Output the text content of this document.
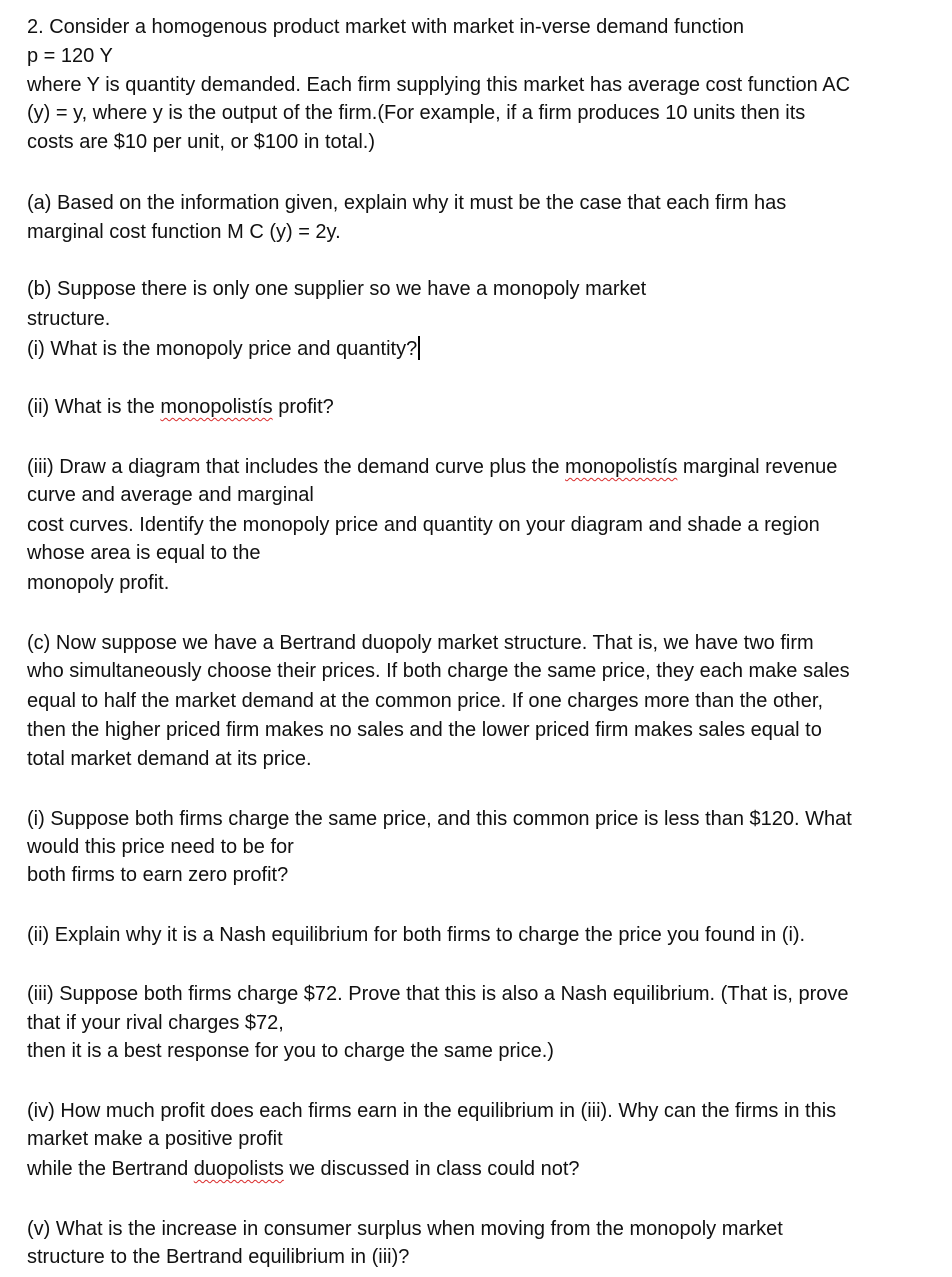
2. Consider a homogenous product market with market in-verse demand function

p = 120 Y

where Y is quantity demanded. Each firm supplying this market has average cost function AC

(y) = y, where y is the output of the firm.(For example, if a firm produces 10 units then its

costs are $10 per unit, or $100 in total.)

(a) Based on the information given, explain why it must be the case that each firm has

marginal cost function M C (y) = 2y.

(b) Suppose there is only one supplier so we have a monopoly market

structure.

(i) What is the monopoly price and quantity?

(ii) What is the monopolistís profit?

(iii) Draw a diagram that includes the demand curve plus the monopolistís marginal revenue

curve and average and marginal

cost curves. Identify the monopoly price and quantity on your diagram and shade a region

whose area is equal to the

monopoly profit.

(c) Now suppose we have a Bertrand duopoly market structure. That is, we have two firm

who simultaneously choose their prices. If both charge the same price, they each make sales

equal to half the market demand at the common price. If one charges more than the other,

then the higher priced firm makes no sales and the lower priced firm makes sales equal to

total market demand at its price.

(i) Suppose both firms charge the same price, and this common price is less than $120. What

would this price need to be for

both firms to earn zero profit?

(ii) Explain why it is a Nash equilibrium for both firms to charge the price you found in (i).

(iii) Suppose both firms charge $72. Prove that this is also a Nash equilibrium. (That is, prove

that if your rival charges $72,

then it is a best response for you to charge the same price.)

(iv) How much profit does each firms earn in the equilibrium in (iii). Why can the firms in this

market make a positive profit

while the Bertrand duopolists we discussed in class could not?

(v) What is the increase in consumer surplus when moving from the monopoly market

structure to the Bertrand equilibrium in (iii)?
